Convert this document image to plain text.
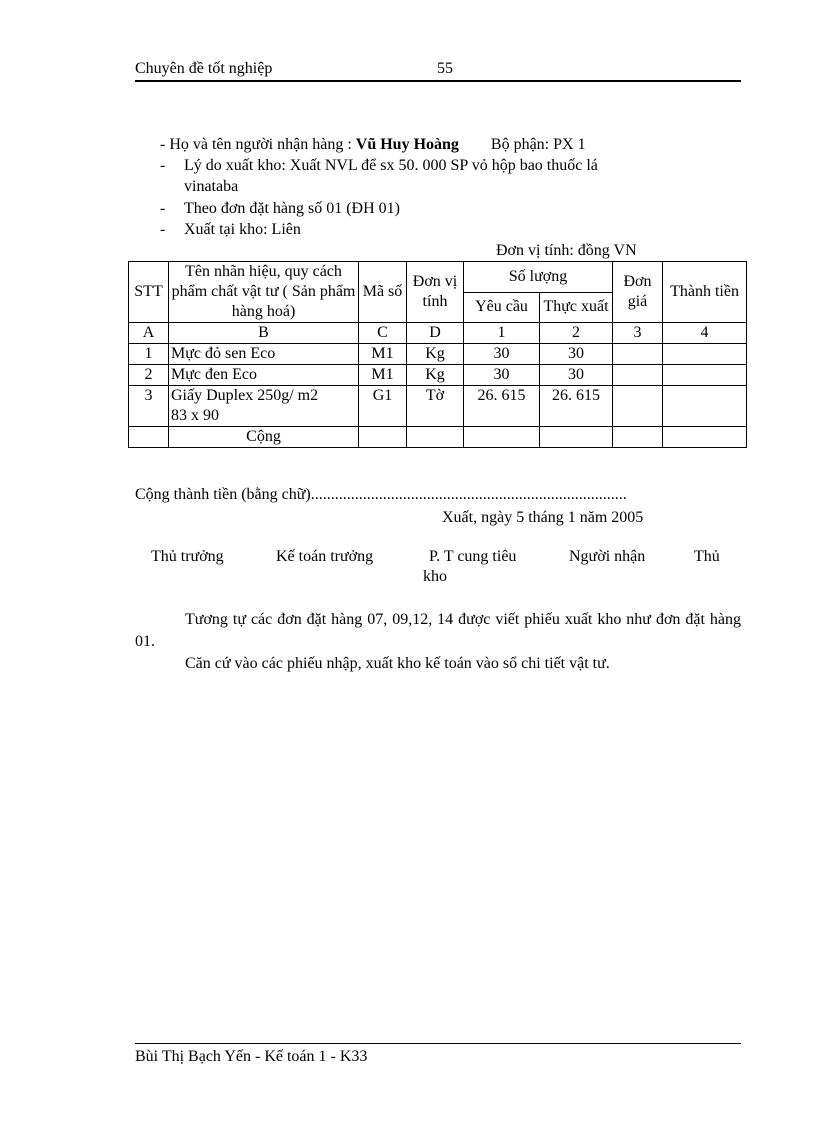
Chuyên đề tốt nghiệp	55
- Họ và tên người nhận hàng : Vũ Huy Hoàng Bộ phận: PX 1
- Lý do xuất kho: Xuất NVL để sx 50. 000 SP vỏ hộp bao thuốc lá
vinataba
- Theo đơn đặt hàng số 01 (ĐH 01)
- Xuất tại kho: Liên
Đơn vị tính: đồng VN
STT	Tên nhãn hiệu, quy cách phẩm chất vật tư ( Sản phẩm hàng hoá)	Mã số	Đơn vị tính	Số lượng		Đơn giá	Thành tiền
				Yêu cầu	Thực xuất		
A	B	C	D	1	2	3	4
1	Mực đỏ sen Eco	M1	Kg	30	30		
2	Mực đen Eco	M1	Kg	30	30		
3	Giấy Duplex 250g/ m2
83 x 90	G1	Tờ	26. 615	26. 615		
	Cộng						
Cộng thành tiền (bằng chữ)...............................................................................
Xuất, ngày 5 tháng 1 năm 2005
Thủ trưởng	Kế toán trưởng	P. T cung tiêu
kho
Người nhận	Thủ
Tương tự các đơn đặt hàng 07, 09,12, 14 được viết phiếu xuất kho như đơn đặt hàng 01.
Căn cứ vào các phiếu nhập, xuất kho kế toán vào sổ chi tiết vật tư.
Bùi Thị Bạch Yến - Kế toán 1 - K33
